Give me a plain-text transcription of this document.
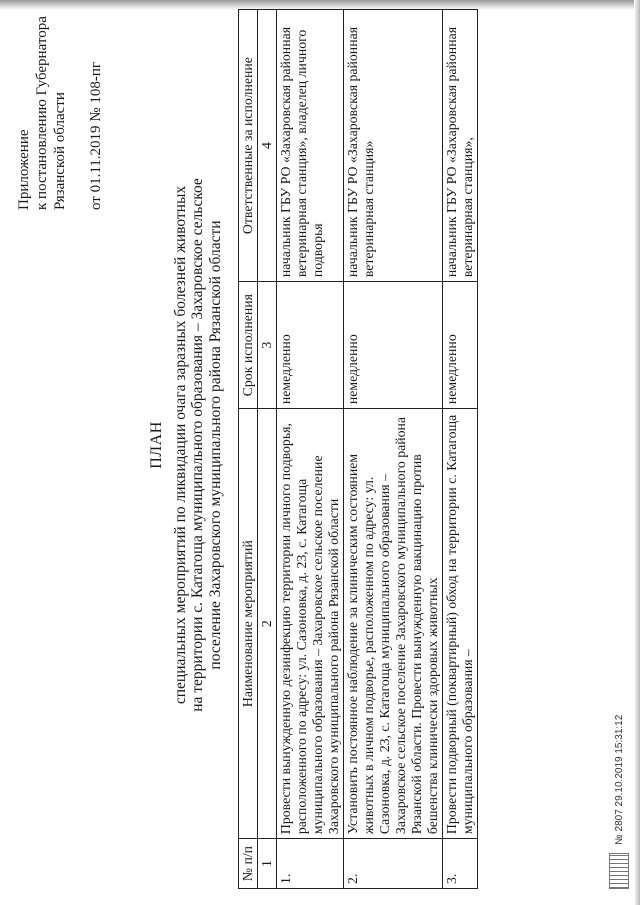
Приложение к постановлению Губернатора Рязанской области от 01.11.2019 № 108-пг
ПЛАН специальных мероприятий по ликвидации очага заразных болезней животных на территории с. Катагоща муниципального образования – Захаровское сельское поселение Захаровского муниципального района Рязанской области
№ п/п	Наименование мероприятий	Срок исполнения	Ответственные за исполнение
1	2	3	4
1.	Провести вынужденную дезинфекцию территории личного подворья, расположенного по адресу: ул. Сазоновка, д. 23, с. Катагоща муниципального образования – Захаровское сельское поселение Захаровского муниципального района Рязанской области	немедленно	начальник ГБУ РО «Захаровская районная ветеринарная станция», владелец личного подворья
2.	Установить постоянное наблюдение за клиническим состоянием животных в личном подворье, расположенном по адресу: ул. Сазоновка, д. 23, с. Катагоща муниципального образования – Захаровское сельское поселение Захаровского муниципального района Рязанской области. Провести вынужденную вакцинацию против бешенства клинически здоровых животных	немедленно	начальник ГБУ РО «Захаровская районная ветеринарная станция»
3.	Провести подворный (поквартирный) обход на территории с. Катагоща муниципального образования –	немедленно	начальник ГБУ РО «Захаровская районная ветеринарная станция»,
№ 2807 29.10.2019 15:31:12
